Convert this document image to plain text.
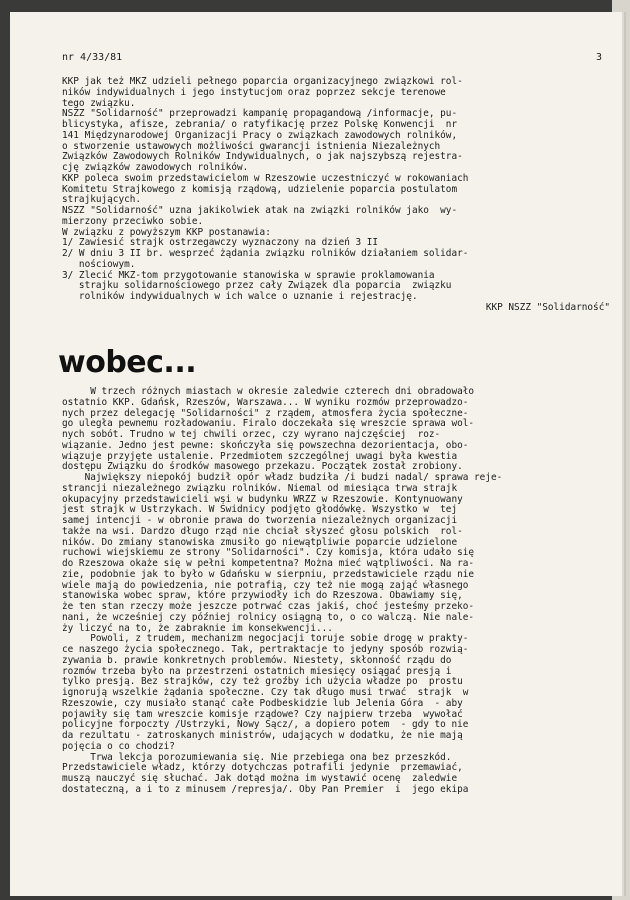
nr 4/33/81	3
KKP jak też MKZ udzieli pełnego poparcia organizacyjnego związkowi rol-
ników indywidualnych i jego instytucjom oraz poprzez sekcje terenowe
tego związku.
NSZZ "Solidarność" przeprowadzi kampanię propagandową /informacje, pu-
blicystyka, afisze, zebrania/ o ratyfikację przez Polskę Konwencji  nr
141 Międzynarodowej Organizacji Pracy o związkach zawodowych rolników,
o stworzenie ustawowych możliwości gwarancji istnienia Niezależnych
Związków Zawodowych Rolników Indywidualnych, o jak najszybszą rejestra-
cję związków zawodowych rolników.
KKP poleca swoim przedstawicielom w Rzeszowie uczestniczyć w rokowaniach
Komitetu Strajkowego z komisją rządową, udzielenie poparcia postulatom
strajkujących.
NSZZ "Solidarność" uzna jakikolwiek atak na związki rolników jako  wy-
mierzony przeciwko sobie.
W związku z powyższym KKP postanawia:
1/ Zawiesić strajk ostrzegawczy wyznaczony na dzień 3 II
2/ W dniu 3 II br. wesprzeć żądania związku rolników działaniem solidar-
nościowym.
3/ Zlecić MKZ-tom przygotowanie stanowiska w sprawie proklamowania
strajku solidarnościowego przez cały Związek dla poparcia  związku
rolników indywidualnych w ich walce o uznanie i rejestrację.
KKP NSZZ "Solidarność"
wobec...
W trzech różnych miastach w okresie zaledwie czterech dni obradowało
ostatnio KKP. Gdańsk, Rzeszów, Warszawa... W wyniku rozmów przeprowadzo-
nych przez delegację "Solidarności" z rządem, atmosfera życia społeczne-
go uległa pewnemu rozładowaniu. Firalo doczekała się wreszcie sprawa wol-
nych sobót. Trudno w tej chwili orzec, czy wyrano najczęściej  roz-
wiązanie. Jedno jest pewne: skończyła się powszechna dezorientacja, obo-
wiązuje przyjęte ustalenie. Przedmiotem szczególnej uwagi była kwestia
dostępu Związku do środków masowego przekazu. Początek został zrobiony.
Największy niepokój budził opór władz budziła /i budzi nadal/ sprawa reje-
strancji niezależnego związku rolników. Niemal od miesiąca trwa strajk
okupacyjny przedstawicieli wsi w budynku WRZZ w Rzeszowie. Kontynuowany
jest strajk w Ustrzykach. W Świdnicy podjęto głodówkę. Wszystko w  tej
samej intencji - w obronie prawa do tworzenia niezależnych organizacji
także na wsi. Dardzo długo rząd nie chciał słyszeć głosu polskich  rol-
ników. Do zmiany stanowiska zmusiło go niewątpliwie poparcie udzielone
ruchowi wiejskiemu ze strony "Solidarności". Czy komisja, która udało się
do Rzeszowa okaże się w pełni kompetentna? Można mieć wątpliwości. Na ra-
zie, podobnie jak to było w Gdańsku w sierpniu, przedstawiciele rządu nie
wiele mają do powiedzenia, nie potrafią, czy też nie mogą zająć własnego
stanowiska wobec spraw, które przywiodły ich do Rzeszowa. Obawiamy się,
że ten stan rzeczy może jeszcze potrwać czas jakiś, choć jesteśmy przeko-
nani, że wcześniej czy później rolnicy osiągną to, o co walczą. Nie nale-
ży liczyć na to, że zabraknie im konsekwencji...
Powoli, z trudem, mechanizm negocjacji toruje sobie drogę w prakty-
ce naszego życia społecznego. Tak, pertraktacje to jedyny sposób rozwią-
zywania b. prawie konkretnych problemów. Niestety, skłonność rządu do
rozmów trzeba było na przestrzeni ostatnich miesięcy osiągać presją i
tylko presją. Bez strajków, czy też groźby ich użycia władze po  prostu
ignorują wszelkie żądania społeczne. Czy tak długo musi trwać  strajk  w
Rzeszowie, czy musiało stanąć całe Podbeskidzie lub Jelenia Góra  - aby
pojawiły się tam wreszcie komisje rządowe? Czy najpierw trzeba  wywołać
policyjne forpoczty /Ustrzyki, Nowy Sącz/, a dopiero potem  - gdy to nie
da rezultatu - zatroskanych ministrów, udających w dodatku, że nie mają
pojęcia o co chodzi?
Trwa lekcja porozumiewania się. Nie przebiega ona bez przeszkód.
Przedstawiciele władz, którzy dotychczas potrafili jedynie  przemawiać,
muszą nauczyć się słuchać. Jak dotąd można im wystawić ocenę  zaledwie
dostateczną, a i to z minusem /represja/. Oby Pan Premier  i  jego ekipa
